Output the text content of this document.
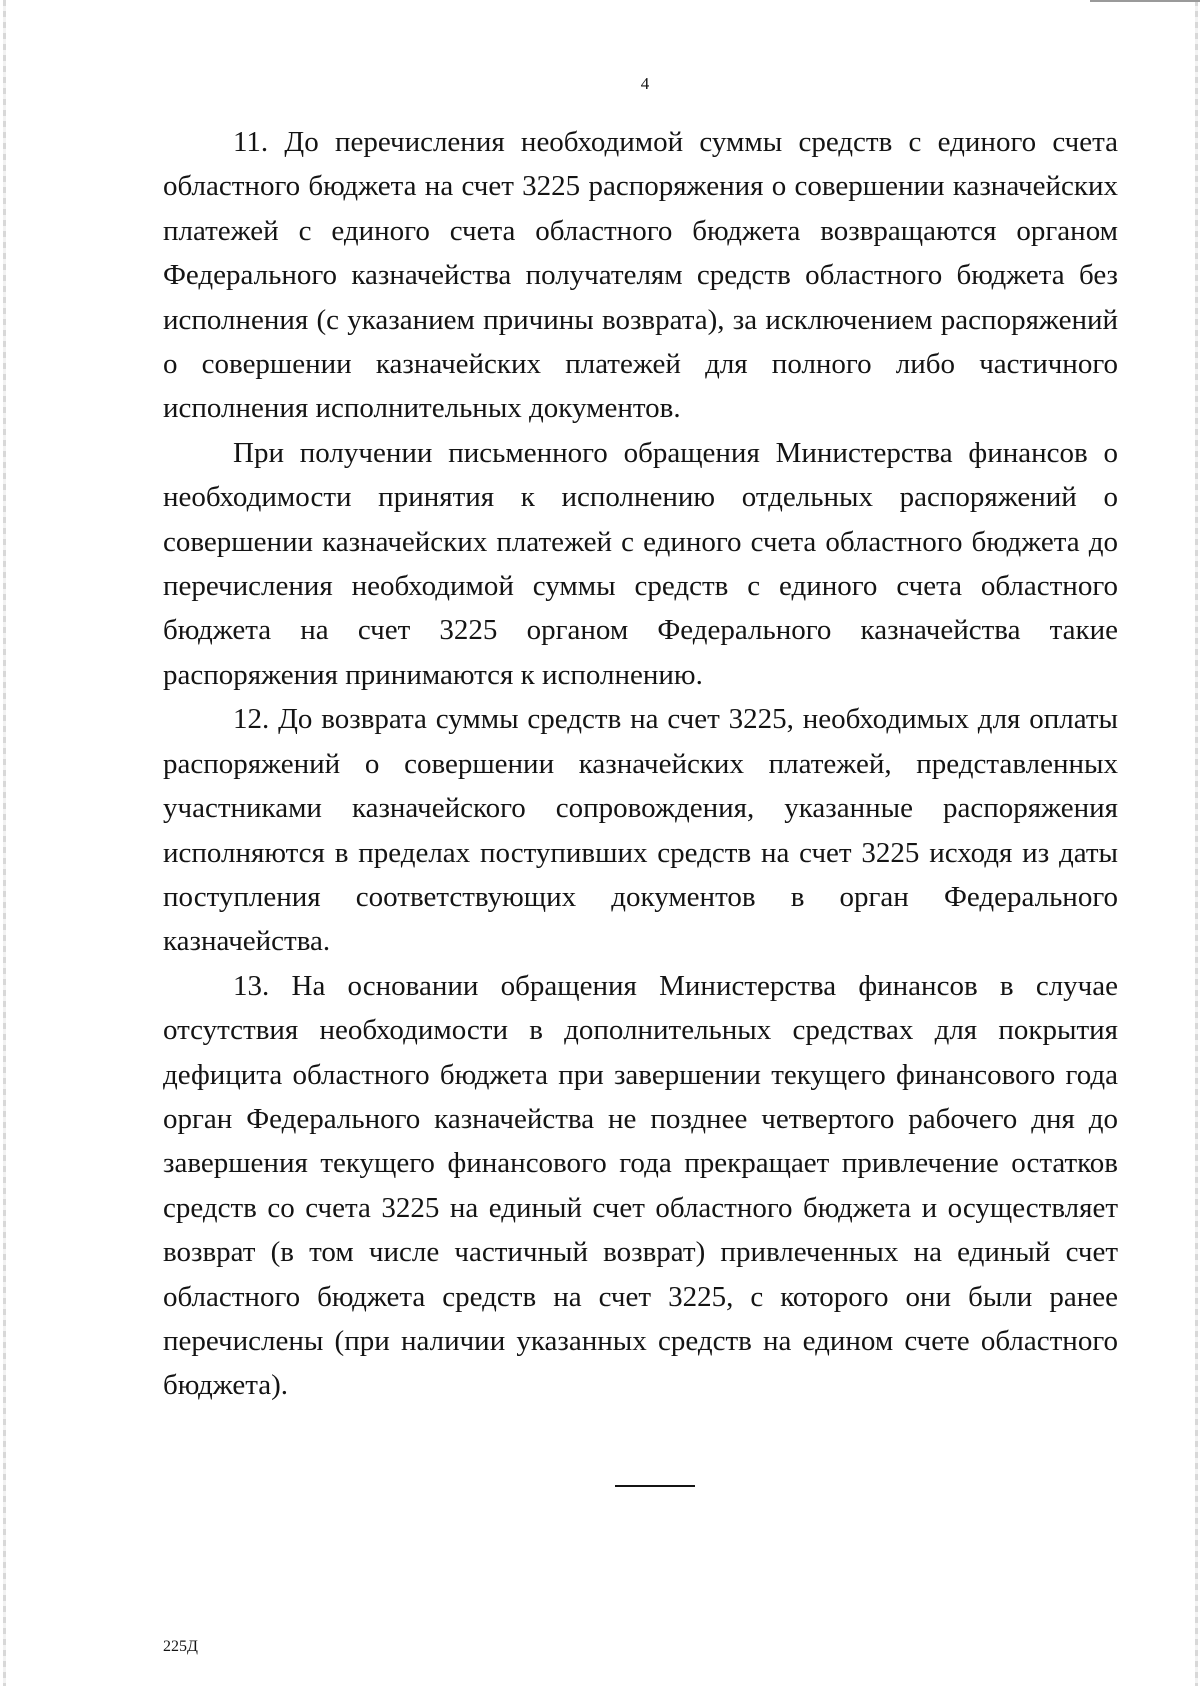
4

11. До перечисления необходимой суммы средств с единого счета областного бюджета на счет 3225 распоряжения о совершении казначейских платежей с единого счета областного бюджета возвращаются органом Федерального казначейства получателям средств областного бюджета без исполнения (с указанием причины возврата), за исключением распоряжений о совершении казначейских платежей для полного либо частичного исполнения исполнительных документов.

При получении письменного обращения Министерства финансов о необходимости принятия к исполнению отдельных распоряжений о совершении казначейских платежей с единого счета областного бюджета до перечисления необходимой суммы средств с единого счета областного бюджета на счет 3225 органом Федерального казначейства такие распоряжения принимаются к исполнению.

12. До возврата суммы средств на счет 3225, необходимых для оплаты распоряжений о совершении казначейских платежей, представленных участниками казначейского сопровождения, указанные распоряжения исполняются в пределах поступивших средств на счет 3225 исходя из даты поступления соответствующих документов в орган Федерального казначейства.

13. На основании обращения Министерства финансов в случае отсутствия необходимости в дополнительных средствах для покрытия дефицита областного бюджета при завершении текущего финансового года орган Федерального казначейства не позднее четвертого рабочего дня до завершения текущего финансового года прекращает привлечение остатков средств со счета 3225 на единый счет областного бюджета и осуществляет возврат (в том числе частичный возврат) привлеченных на единый счет областного бюджета средств на счет 3225, с которого они были ранее перечислены (при наличии указанных средств на едином счете областного бюджета).

225Д
